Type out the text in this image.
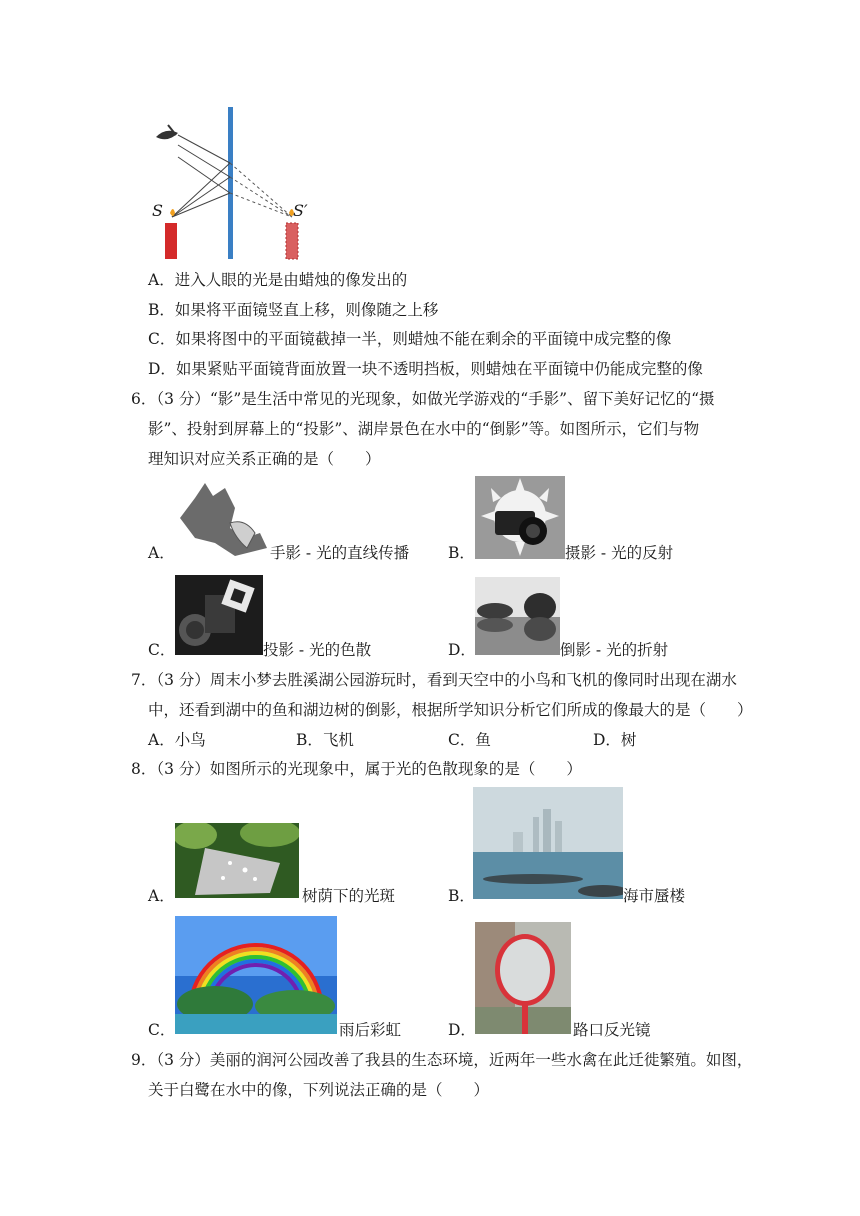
S	S′
A．进入人眼的光是由蜡烛的像发出的
B．如果将平面镜竖直上移，则像随之上移
C．如果将图中的平面镜截掉一半，则蜡烛不能在剩余的平面镜中成完整的像
D．如果紧贴平面镜背面放置一块不透明挡板，则蜡烛在平面镜中仍能成完整的像
6．（3 分）“影”是生活中常见的光现象，如做光学游戏的“手影”、留下美好记忆的“摄
影”、投射到屏幕上的“投影”、湖岸景色在水中的“倒影”等。如图所示，它们与物
理知识对应关系正确的是（　　）
A．	手影 - 光的直线传播	B．	摄影 - 光的反射
C．	投影 - 光的色散	D．	倒影 - 光的折射
7．（3 分）周末小梦去胜溪湖公园游玩时，看到天空中的小鸟和飞机的像同时出现在湖水
中，还看到湖中的鱼和湖边树的倒影，根据所学知识分析它们所成的像最大的是（　　）
A．小鸟	B．飞机	C．鱼	D．树
8．（3 分）如图所示的光现象中，属于光的色散现象的是（　　）
A．	树荫下的光斑	B．	海市蜃楼
C．	雨后彩虹	D．	路口反光镜
9．（3 分）美丽的润河公园改善了我县的生态环境，近两年一些水禽在此迁徙繁殖。如图，
关于白鹭在水中的像，下列说法正确的是（　　）
